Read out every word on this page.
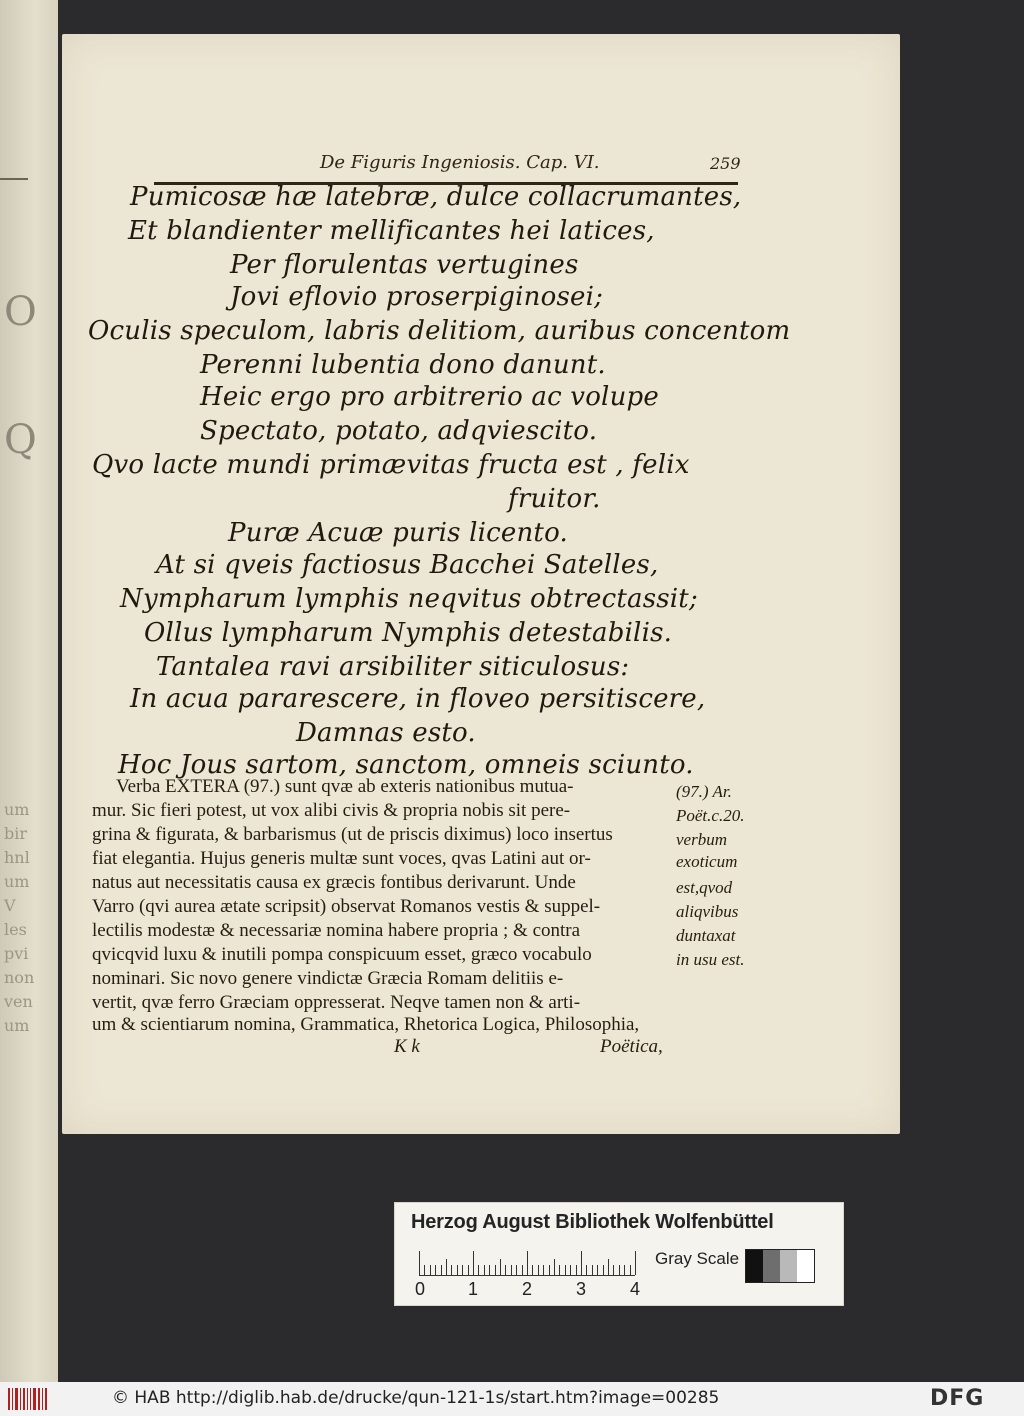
O
Q
um
bir
hnl
um
V
les
pvi
non
ven
um
De Figuris Ingeniosis. Cap. VI.	259
Pumicosæ hæ latebræ, dulce collacrumantes,
Et blandienter mellificantes hei latices,
Per florulentas vertugines
Jovi eflovio proserpiginosei;
Oculis speculom, labris delitiom, auribus concentom
Perenni lubentia dono danunt.
Heic ergo pro arbitrerio ac volupe
Spectato, potato, adqviescito.
Qvo lacte mundi primævitas fructa est , felix
fruitor.
Puræ Acuæ puris licento.
At si qveis factiosus Bacchei Satelles,
Nympharum lymphis neqvitus obtrectassit;
Ollus lympharum Nymphis detestabilis.
Tantalea ravi arsibiliter siticulosus:
In acua pararescere, in floveo persitiscere,
Damnas esto.
Hoc Jous sartom, sanctom, omneis sciunto.
Verba EXTERA (97.) sunt qvæ ab exteris nationibus mutua-
mur. Sic fieri potest, ut vox alibi civis & propria nobis sit pere-
grina & figurata, & barbarismus (ut de priscis diximus) loco insertus
fiat elegantia. Hujus generis multæ sunt voces, qvas Latini aut or-
natus aut necessitatis causa ex græcis fontibus derivarunt. Unde
Varro (qvi aurea ætate scripsit) observat Romanos vestis & suppel-
lectilis modestæ & necessariæ nomina habere propria ; & contra
qvicqvid luxu & inutili pompa conspicuum esset, græco vocabulo
nominari. Sic novo genere vindictæ Græcia Romam delitiis e-
vertit, qvæ ferro Græciam oppresserat. Neqve tamen non & arti-
um & scientiarum nomina, Grammatica, Rhetorica Logica, Philosophia,
(97.) Ar.
Poët.c.20.
verbum
exoticum
est,qvod
aliqvibus
duntaxat
in usu est.
K k	Poëtica,
Herzog August Bibliothek Wolfenbüttel
0 1 2 3 4
Gray Scale
© HAB http://diglib.hab.de/drucke/qun-121-1s/start.htm?image=00285	DFG
